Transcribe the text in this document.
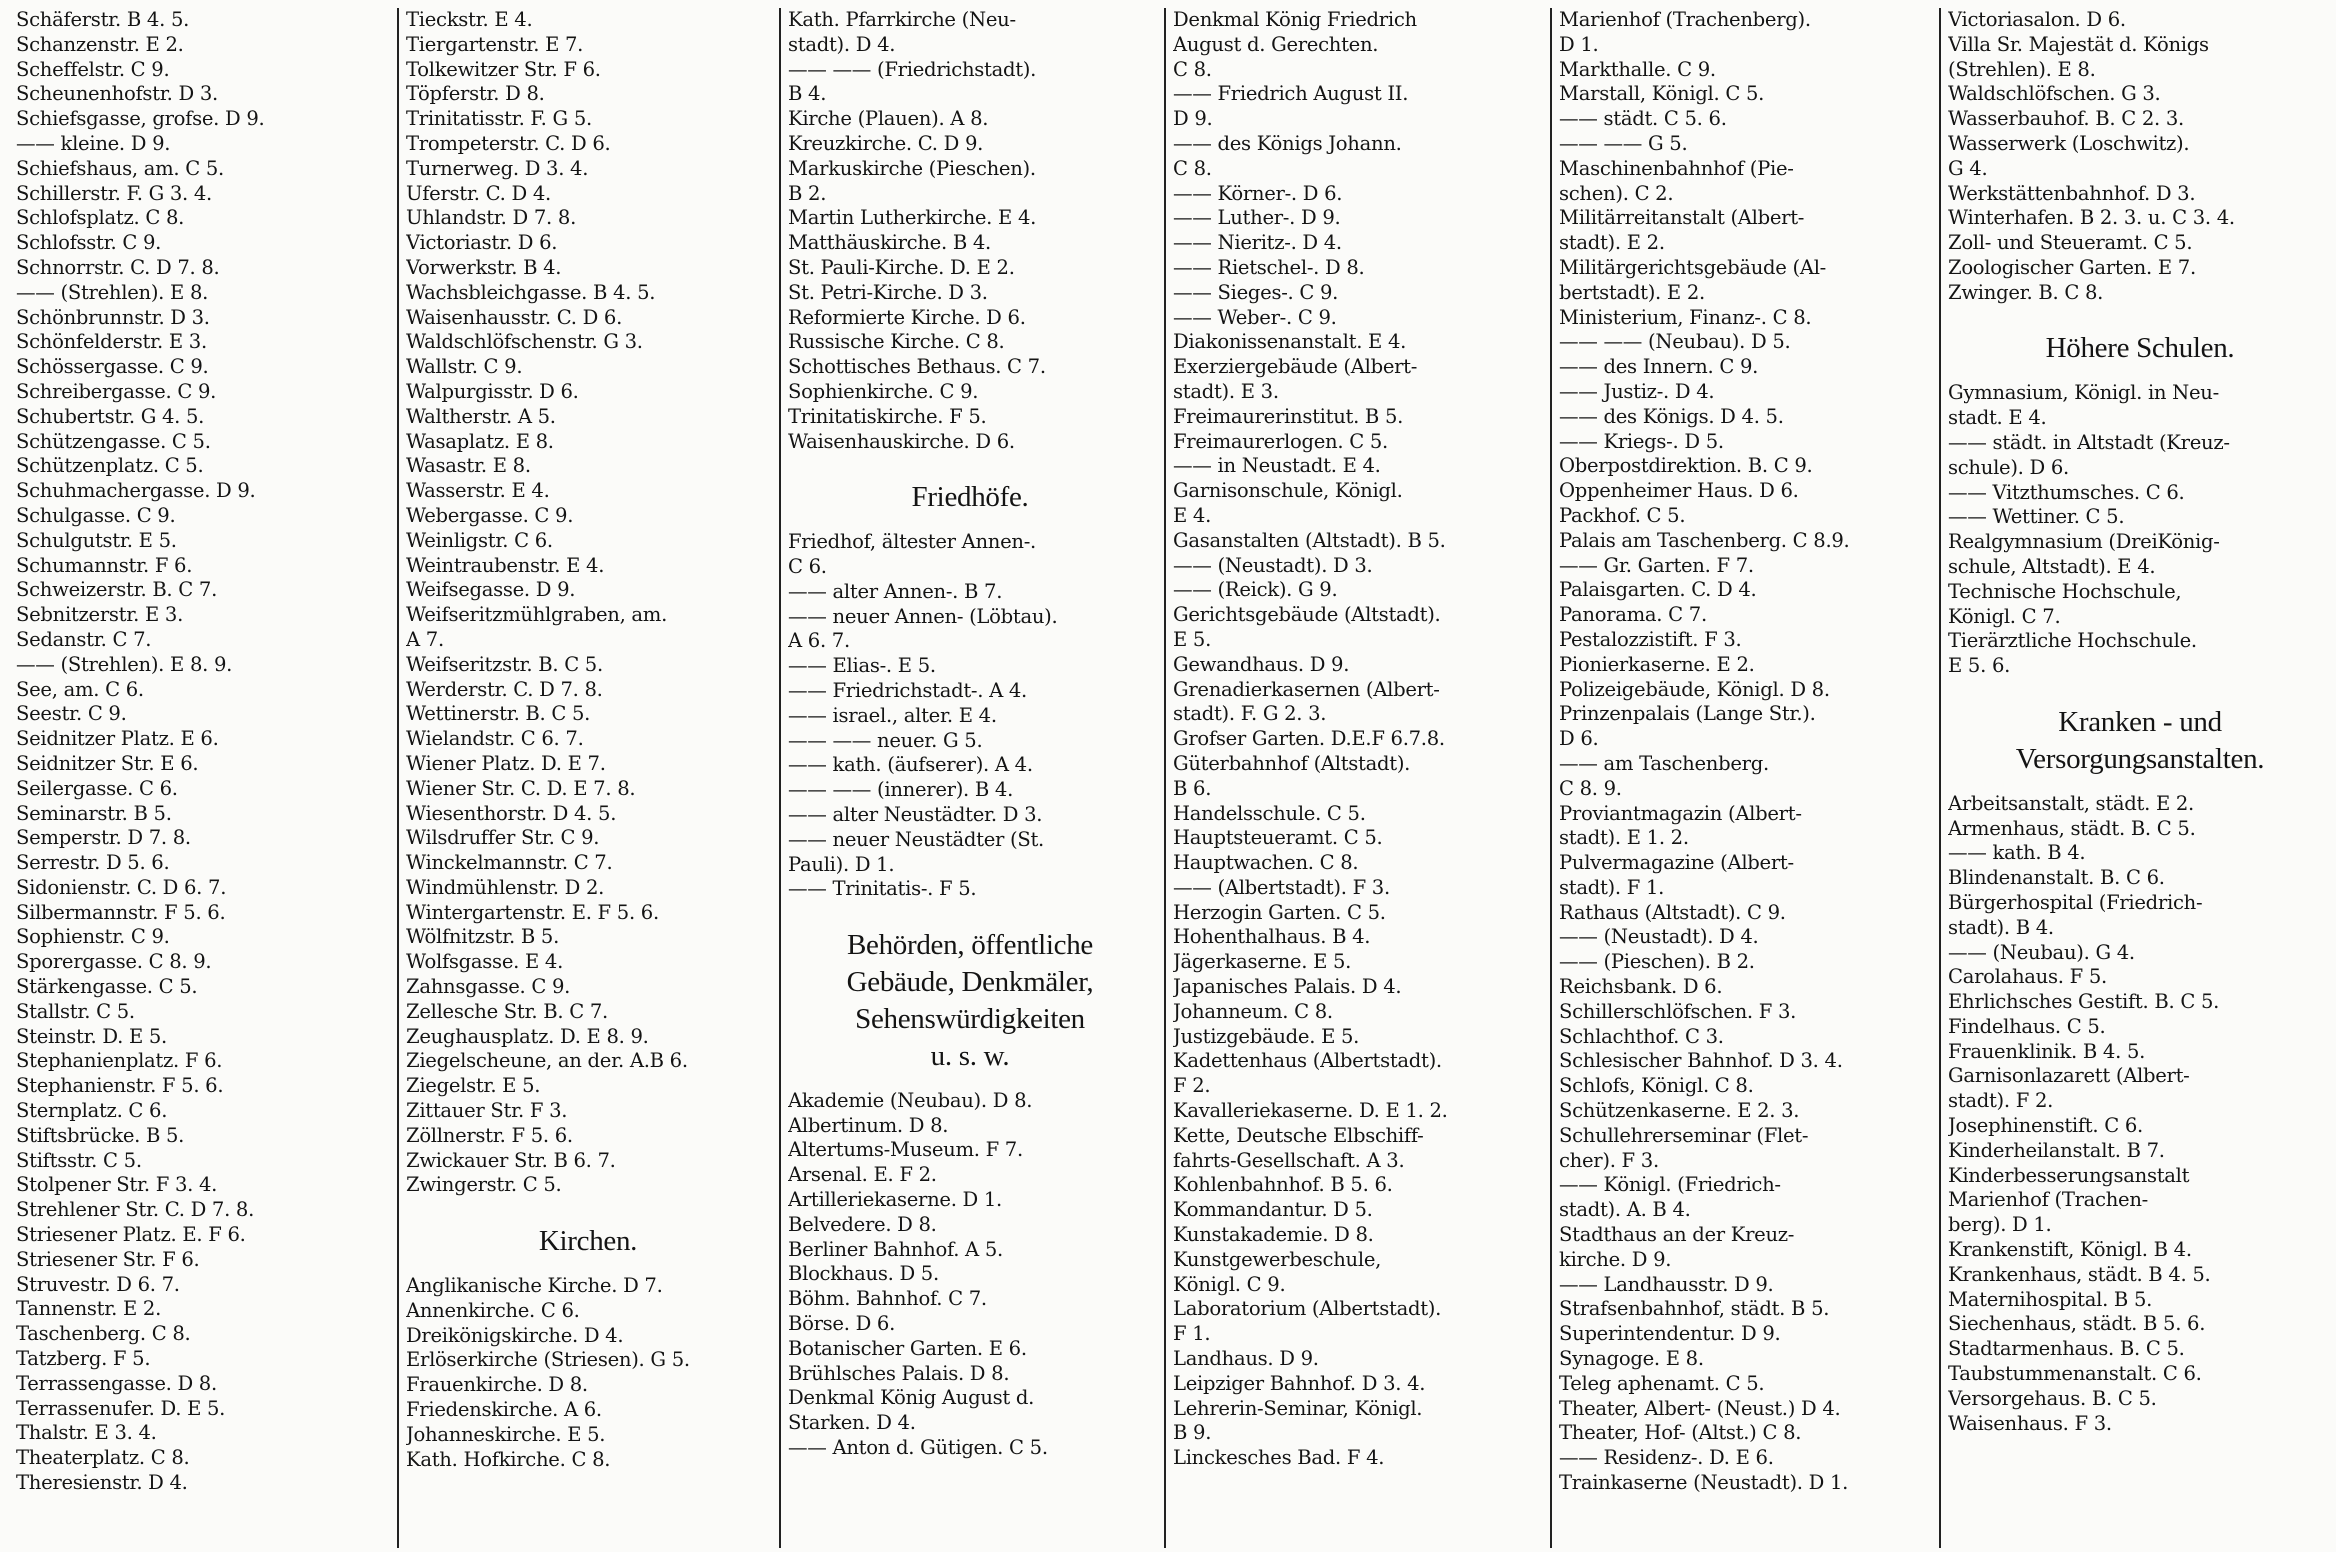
Schäferstr. B 4. 5.
Schanzenstr. E 2.
Scheffelstr. C 9.
Scheunenhofstr. D 3.
Schiefsgasse, grofse. D 9.
—— kleine. D 9.
Schiefshaus, am. C 5.
Schillerstr. F. G 3. 4.
Schlofsplatz. C 8.
Schlofsstr. C 9.
Schnorrstr. C. D 7. 8.
—— (Strehlen). E 8.
Schönbrunnstr. D 3.
Schönfelderstr. E 3.
Schössergasse. C 9.
Schreibergasse. C 9.
Schubertstr. G 4. 5.
Schützengasse. C 5.
Schützenplatz. C 5.
Schuhmachergasse. D 9.
Schulgasse. C 9.
Schulgutstr. E 5.
Schumannstr. F 6.
Schweizerstr. B. C 7.
Sebnitzerstr. E 3.
Sedanstr. C 7.
—— (Strehlen). E 8. 9.
See, am. C 6.
Seestr. C 9.
Seidnitzer Platz. E 6.
Seidnitzer Str. E 6.
Seilergasse. C 6.
Seminarstr. B 5.
Semperstr. D 7. 8.
Serrestr. D 5. 6.
Sidonienstr. C. D 6. 7.
Silbermannstr. F 5. 6.
Sophienstr. C 9.
Sporergasse. C 8. 9.
Stärkengasse. C 5.
Stallstr. C 5.
Steinstr. D. E 5.
Stephanienplatz. F 6.
Stephanienstr. F 5. 6.
Sternplatz. C 6.
Stiftsbrücke. B 5.
Stiftsstr. C 5.
Stolpener Str. F 3. 4.
Strehlener Str. C. D 7. 8.
Striesener Platz. E. F 6.
Striesener Str. F 6.
Struvestr. D 6. 7.
Tannenstr. E 2.
Taschenberg. C 8.
Tatzberg. F 5.
Terrassengasse. D 8.
Terrassenufer. D. E 5.
Thalstr. E 3. 4.
Theaterplatz. C 8.
Theresienstr. D 4.
Tieckstr. E 4.
Tiergartenstr. E 7.
Tolkewitzer Str. F 6.
Töpferstr. D 8.
Trinitatisstr. F. G 5.
Trompeterstr. C. D 6.
Turnerweg. D 3. 4.
Uferstr. C. D 4.
Uhlandstr. D 7. 8.
Victoriastr. D 6.
Vorwerkstr. B 4.
Wachsbleichgasse. B 4. 5.
Waisenhausstr. C. D 6.
Waldschlöfschenstr. G 3.
Wallstr. C 9.
Walpurgisstr. D 6.
Waltherstr. A 5.
Wasaplatz. E 8.
Wasastr. E 8.
Wasserstr. E 4.
Webergasse. C 9.
Weinligstr. C 6.
Weintraubenstr. E 4.
Weifsegasse. D 9.
Weifseritzmühlgraben, am.
A 7.
Weifseritzstr. B. C 5.
Werderstr. C. D 7. 8.
Wettinerstr. B. C 5.
Wielandstr. C 6. 7.
Wiener Platz. D. E 7.
Wiener Str. C. D. E 7. 8.
Wiesenthorstr. D 4. 5.
Wilsdruffer Str. C 9.
Winckelmannstr. C 7.
Windmühlenstr. D 2.
Wintergartenstr. E. F 5. 6.
Wölfnitzstr. B 5.
Wolfsgasse. E 4.
Zahnsgasse. C 9.
Zellesche Str. B. C 7.
Zeughausplatz. D. E 8. 9.
Ziegelscheune, an der. A.B 6.
Ziegelstr. E 5.
Zittauer Str. F 3.
Zöllnerstr. F 5. 6.
Zwickauer Str. B 6. 7.
Zwingerstr. C 5.
Kirchen.
Anglikanische Kirche. D 7.
Annenkirche. C 6.
Dreikönigskirche. D 4.
Erlöserkirche (Striesen). G 5.
Frauenkirche. D 8.
Friedenskirche. A 6.
Johanneskirche. E 5.
Kath. Hofkirche. C 8.
Kath. Pfarrkirche (Neu-
stadt). D 4.
—— —— (Friedrichstadt).
B 4.
Kirche (Plauen). A 8.
Kreuzkirche. C. D 9.
Markuskirche (Pieschen).
B 2.
Martin Lutherkirche. E 4.
Matthäuskirche. B 4.
St. Pauli-Kirche. D. E 2.
St. Petri-Kirche. D 3.
Reformierte Kirche. D 6.
Russische Kirche. C 8.
Schottisches Bethaus. C 7.
Sophienkirche. C 9.
Trinitatiskirche. F 5.
Waisenhauskirche. D 6.
Friedhöfe.
Friedhof, ältester Annen-.
C 6.
—— alter Annen-. B 7.
—— neuer Annen- (Löbtau).
A 6. 7.
—— Elias-. E 5.
—— Friedrichstadt-. A 4.
—— israel., alter. E 4.
—— —— neuer. G 5.
—— kath. (äufserer). A 4.
—— —— (innerer). B 4.
—— alter Neustädter. D 3.
—— neuer Neustädter (St.
Pauli). D 1.
—— Trinitatis-. F 5.
Behörden, öffentliche
Gebäude, Denkmäler,
Sehenswürdigkeiten
u. s. w.
Akademie (Neubau). D 8.
Albertinum. D 8.
Altertums-Museum. F 7.
Arsenal. E. F 2.
Artilleriekaserne. D 1.
Belvedere. D 8.
Berliner Bahnhof. A 5.
Blockhaus. D 5.
Böhm. Bahnhof. C 7.
Börse. D 6.
Botanischer Garten. E 6.
Brühlsches Palais. D 8.
Denkmal König August d.
Starken. D 4.
—— Anton d. Gütigen. C 5.
Denkmal König Friedrich
August d. Gerechten.
C 8.
—— Friedrich August II.
D 9.
—— des Königs Johann.
C 8.
—— Körner-. D 6.
—— Luther-. D 9.
—— Nieritz-. D 4.
—— Rietschel-. D 8.
—— Sieges-. C 9.
—— Weber-. C 9.
Diakonissenanstalt. E 4.
Exerziergebäude (Albert-
stadt). E 3.
Freimaurerinstitut. B 5.
Freimaurerlogen. C 5.
—— in Neustadt. E 4.
Garnisonschule, Königl.
E 4.
Gasanstalten (Altstadt). B 5.
—— (Neustadt). D 3.
—— (Reick). G 9.
Gerichtsgebäude (Altstadt).
E 5.
Gewandhaus. D 9.
Grenadierkasernen (Albert-
stadt). F. G 2. 3.
Grofser Garten. D.E.F 6.7.8.
Güterbahnhof (Altstadt).
B 6.
Handelsschule. C 5.
Hauptsteueramt. C 5.
Hauptwachen. C 8.
—— (Albertstadt). F 3.
Herzogin Garten. C 5.
Hohenthalhaus. B 4.
Jägerkaserne. E 5.
Japanisches Palais. D 4.
Johanneum. C 8.
Justizgebäude. E 5.
Kadettenhaus (Albertstadt).
F 2.
Kavalleriekaserne. D. E 1. 2.
Kette, Deutsche Elbschiff-
fahrts-Gesellschaft. A 3.
Kohlenbahnhof. B 5. 6.
Kommandantur. D 5.
Kunstakademie. D 8.
Kunstgewerbeschule,
Königl. C 9.
Laboratorium (Albertstadt).
F 1.
Landhaus. D 9.
Leipziger Bahnhof. D 3. 4.
Lehrerin-Seminar, Königl.
B 9.
Linckesches Bad. F 4.
Marienhof (Trachenberg).
D 1.
Markthalle. C 9.
Marstall, Königl. C 5.
—— städt. C 5. 6.
—— —— G 5.
Maschinenbahnhof (Pie-
schen). C 2.
Militärreitanstalt (Albert-
stadt). E 2.
Militärgerichtsgebäude (Al-
bertstadt). E 2.
Ministerium, Finanz-. C 8.
—— —— (Neubau). D 5.
—— des Innern. C 9.
—— Justiz-. D 4.
—— des Königs. D 4. 5.
—— Kriegs-. D 5.
Oberpostdirektion. B. C 9.
Oppenheimer Haus. D 6.
Packhof. C 5.
Palais am Taschenberg. C 8.9.
—— Gr. Garten. F 7.
Palaisgarten. C. D 4.
Panorama. C 7.
Pestalozzistift. F 3.
Pionierkaserne. E 2.
Polizeigebäude, Königl. D 8.
Prinzenpalais (Lange Str.).
D 6.
—— am Taschenberg.
C 8. 9.
Proviantmagazin (Albert-
stadt). E 1. 2.
Pulvermagazine (Albert-
stadt). F 1.
Rathaus (Altstadt). C 9.
—— (Neustadt). D 4.
—— (Pieschen). B 2.
Reichsbank. D 6.
Schillerschlöfschen. F 3.
Schlachthof. C 3.
Schlesischer Bahnhof. D 3. 4.
Schlofs, Königl. C 8.
Schützenkaserne. E 2. 3.
Schullehrerseminar (Flet-
cher). F 3.
—— Königl. (Friedrich-
stadt). A. B 4.
Stadthaus an der Kreuz-
kirche. D 9.
—— Landhausstr. D 9.
Strafsenbahnhof, städt. B 5.
Superintendentur. D 9.
Synagoge. E 8.
Teleg aphenamt. C 5.
Theater, Albert- (Neust.) D 4.
Theater, Hof- (Altst.) C 8.
—— Residenz-. D. E 6.
Trainkaserne (Neustadt). D 1.
Victoriasalon. D 6.
Villa Sr. Majestät d. Königs
(Strehlen). E 8.
Waldschlöfschen. G 3.
Wasserbauhof. B. C 2. 3.
Wasserwerk (Loschwitz).
G 4.
Werkstättenbahnhof. D 3.
Winterhafen. B 2. 3. u. C 3. 4.
Zoll- und Steueramt. C 5.
Zoologischer Garten. E 7.
Zwinger. B. C 8.
Höhere Schulen.
Gymnasium, Königl. in Neu-
stadt. E 4.
—— städt. in Altstadt (Kreuz-
schule). D 6.
—— Vitzthumsches. C 6.
—— Wettiner. C 5.
Realgymnasium (DreiKönig-
schule, Altstadt). E 4.
Technische Hochschule,
Königl. C 7.
Tierärztliche Hochschule.
E 5. 6.
Kranken - und
Versorgungsanstalten.
Arbeitsanstalt, städt. E 2.
Armenhaus, städt. B. C 5.
—— kath. B 4.
Blindenanstalt. B. C 6.
Bürgerhospital (Friedrich-
stadt). B 4.
—— (Neubau). G 4.
Carolahaus. F 5.
Ehrlichsches Gestift. B. C 5.
Findelhaus. C 5.
Frauenklinik. B 4. 5.
Garnisonlazarett (Albert-
stadt). F 2.
Josephinenstift. C 6.
Kinderheilanstalt. B 7.
Kinderbesserungsanstalt
Marienhof (Trachen-
berg). D 1.
Krankenstift, Königl. B 4.
Krankenhaus, städt. B 4. 5.
Maternihospital. B 5.
Siechenhaus, städt. B 5. 6.
Stadtarmenhaus. B. C 5.
Taubstummenanstalt. C 6.
Versorgehaus. B. C 5.
Waisenhaus. F 3.
